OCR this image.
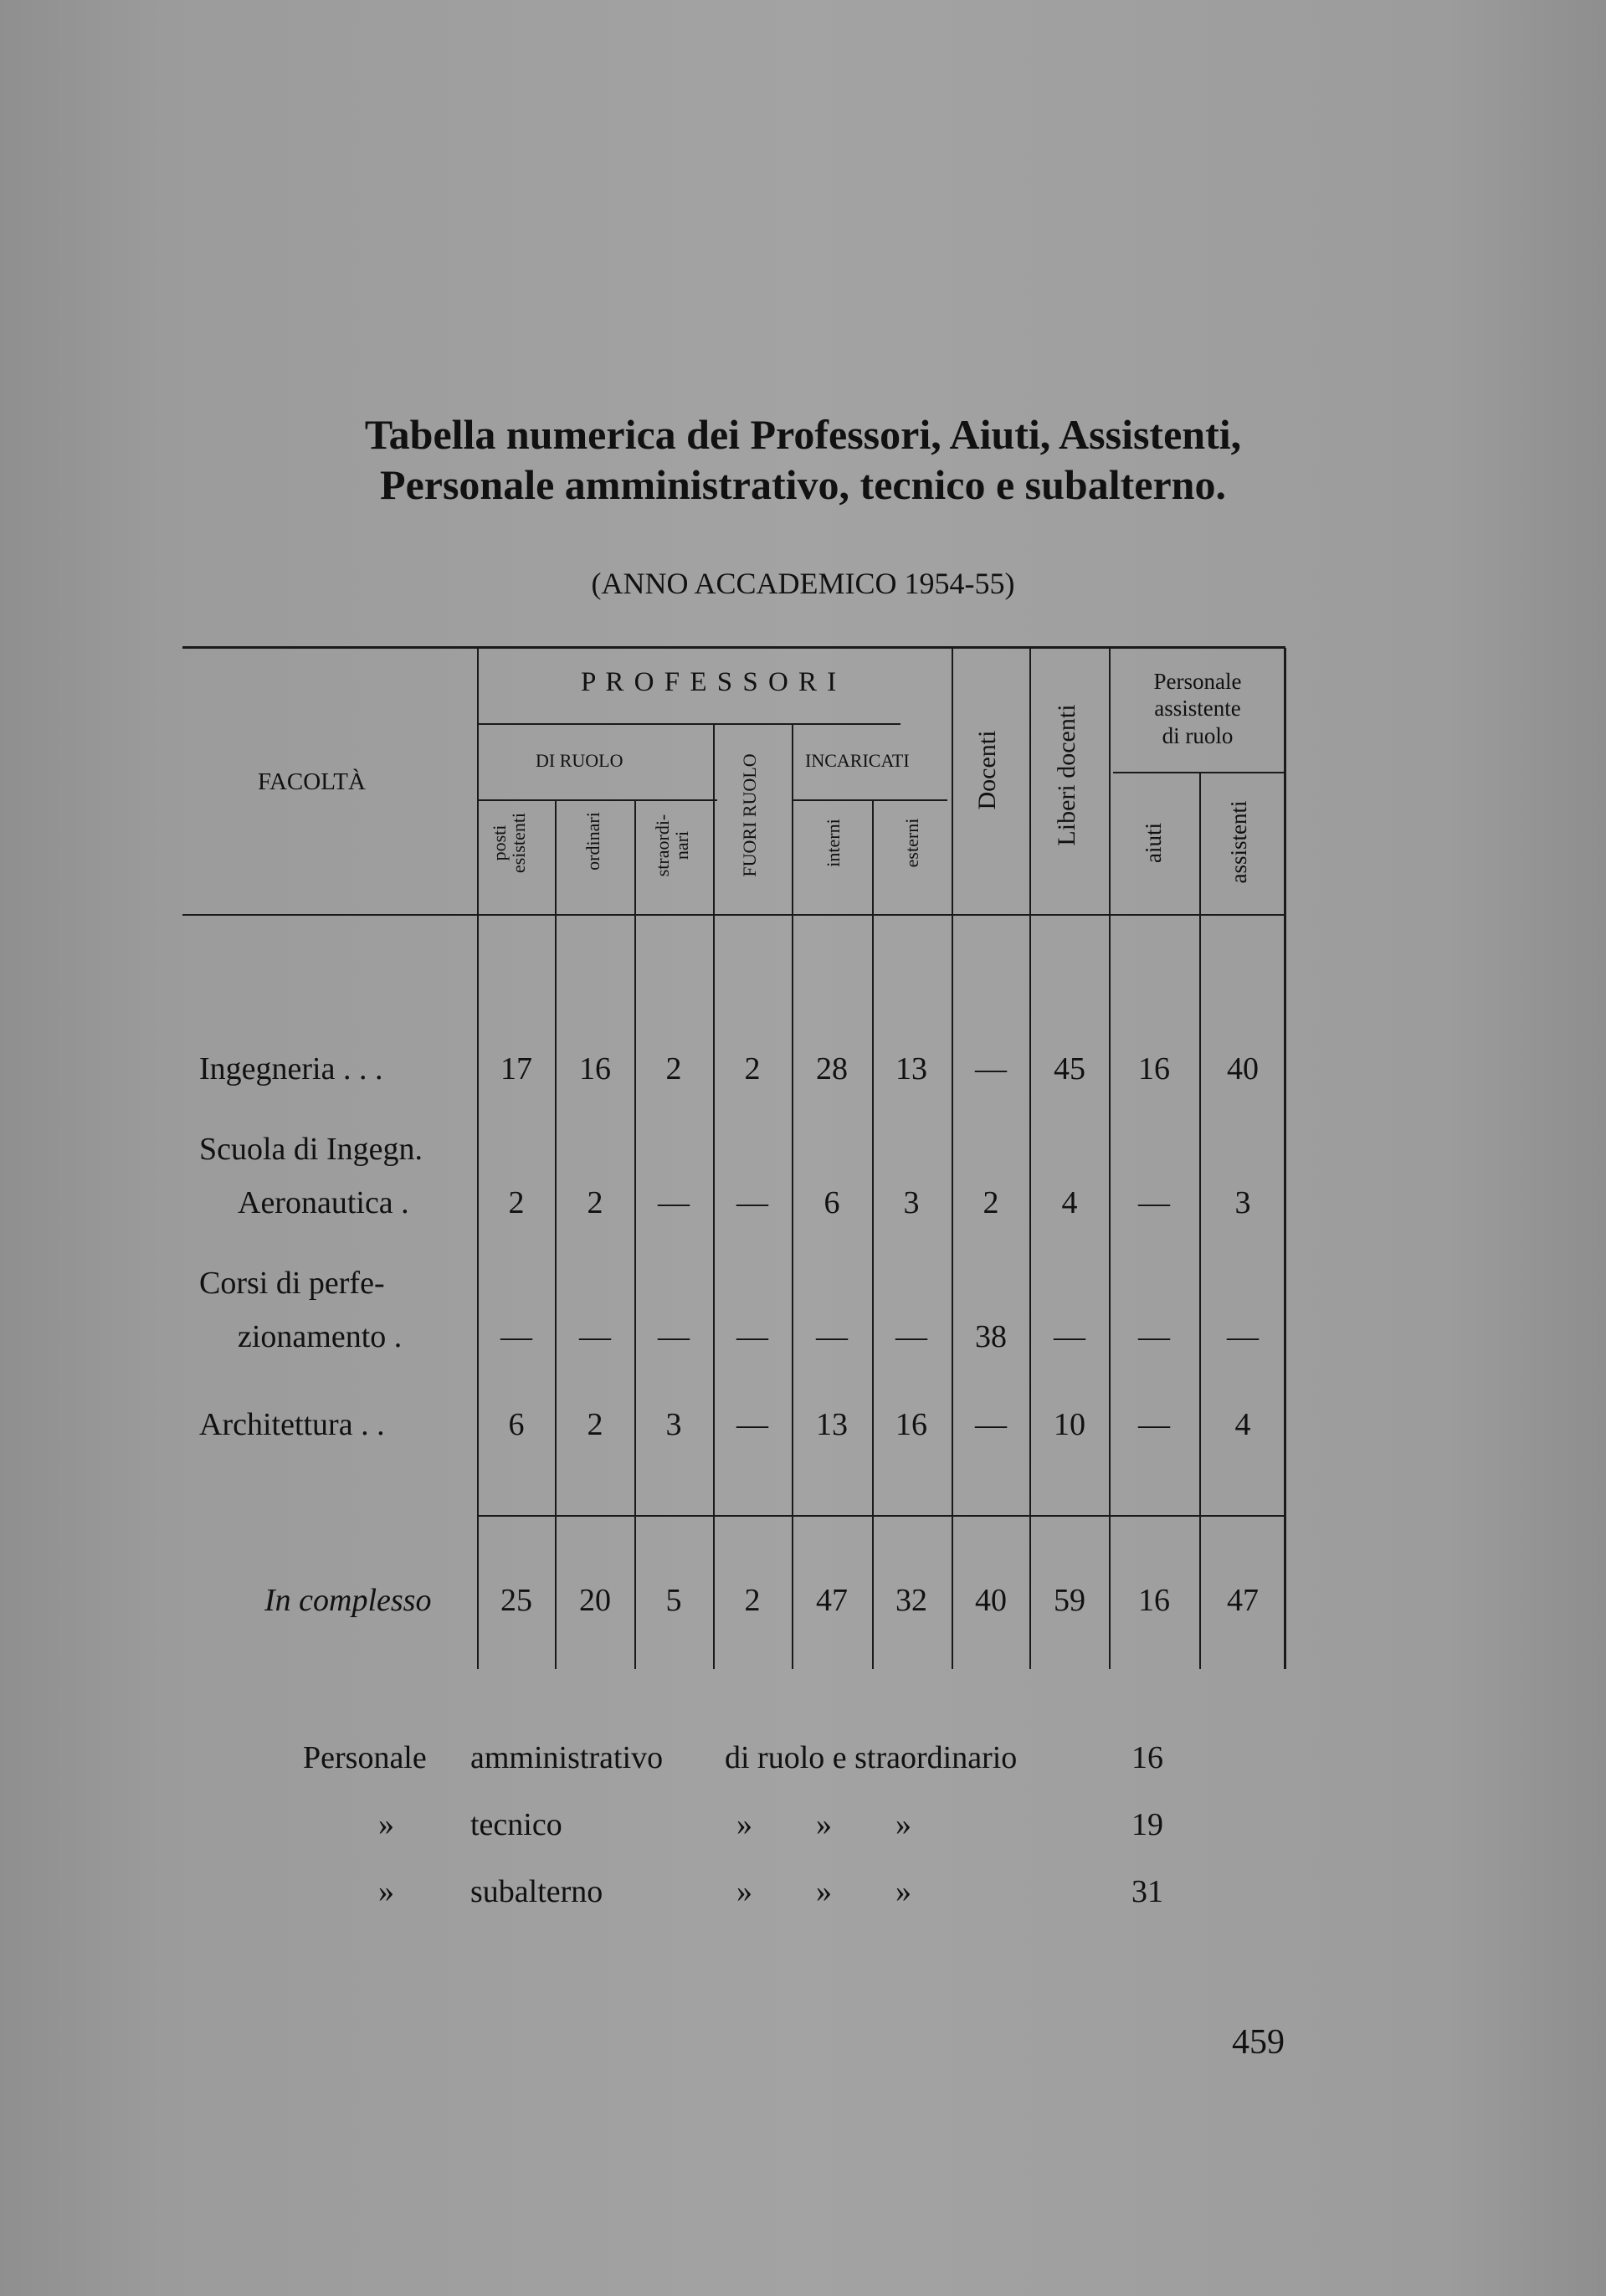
Tabella numerica dei Professori, Aiuti, Assistenti,
Personale amministrativo, tecnico e subalterno.
(ANNO ACCADEMICO 1954-55)
FACOLTÀ
P R O F E S S O R I
DI RUOLO	INCARICATI
posti
esistenti	ordinari	straordi-
nari	FUORI RUOLO	interni	esterni
Docenti Liberi docenti
Personale
assistente
di ruolo
aiuti	assistenti
Ingegneria . . .	17	16	2	2	28	13	—	45	16	40
Scuola di Ingegn.
Aeronautica .	2	2	—	—	6	3	2	4	—	3
Corsi di perfe-
zionamento .	—	—	—	—	—	—	38	—	—	—
Architettura . .	6	2	3	—	13	16	—	10	—	4
In complesso	25	20	5	2	47	32	40	59	16	47
Personale amministrativo di ruolo e straordinario	16
» tecnico	»        »        »	19
» subalterno	»        »        »	31
459
